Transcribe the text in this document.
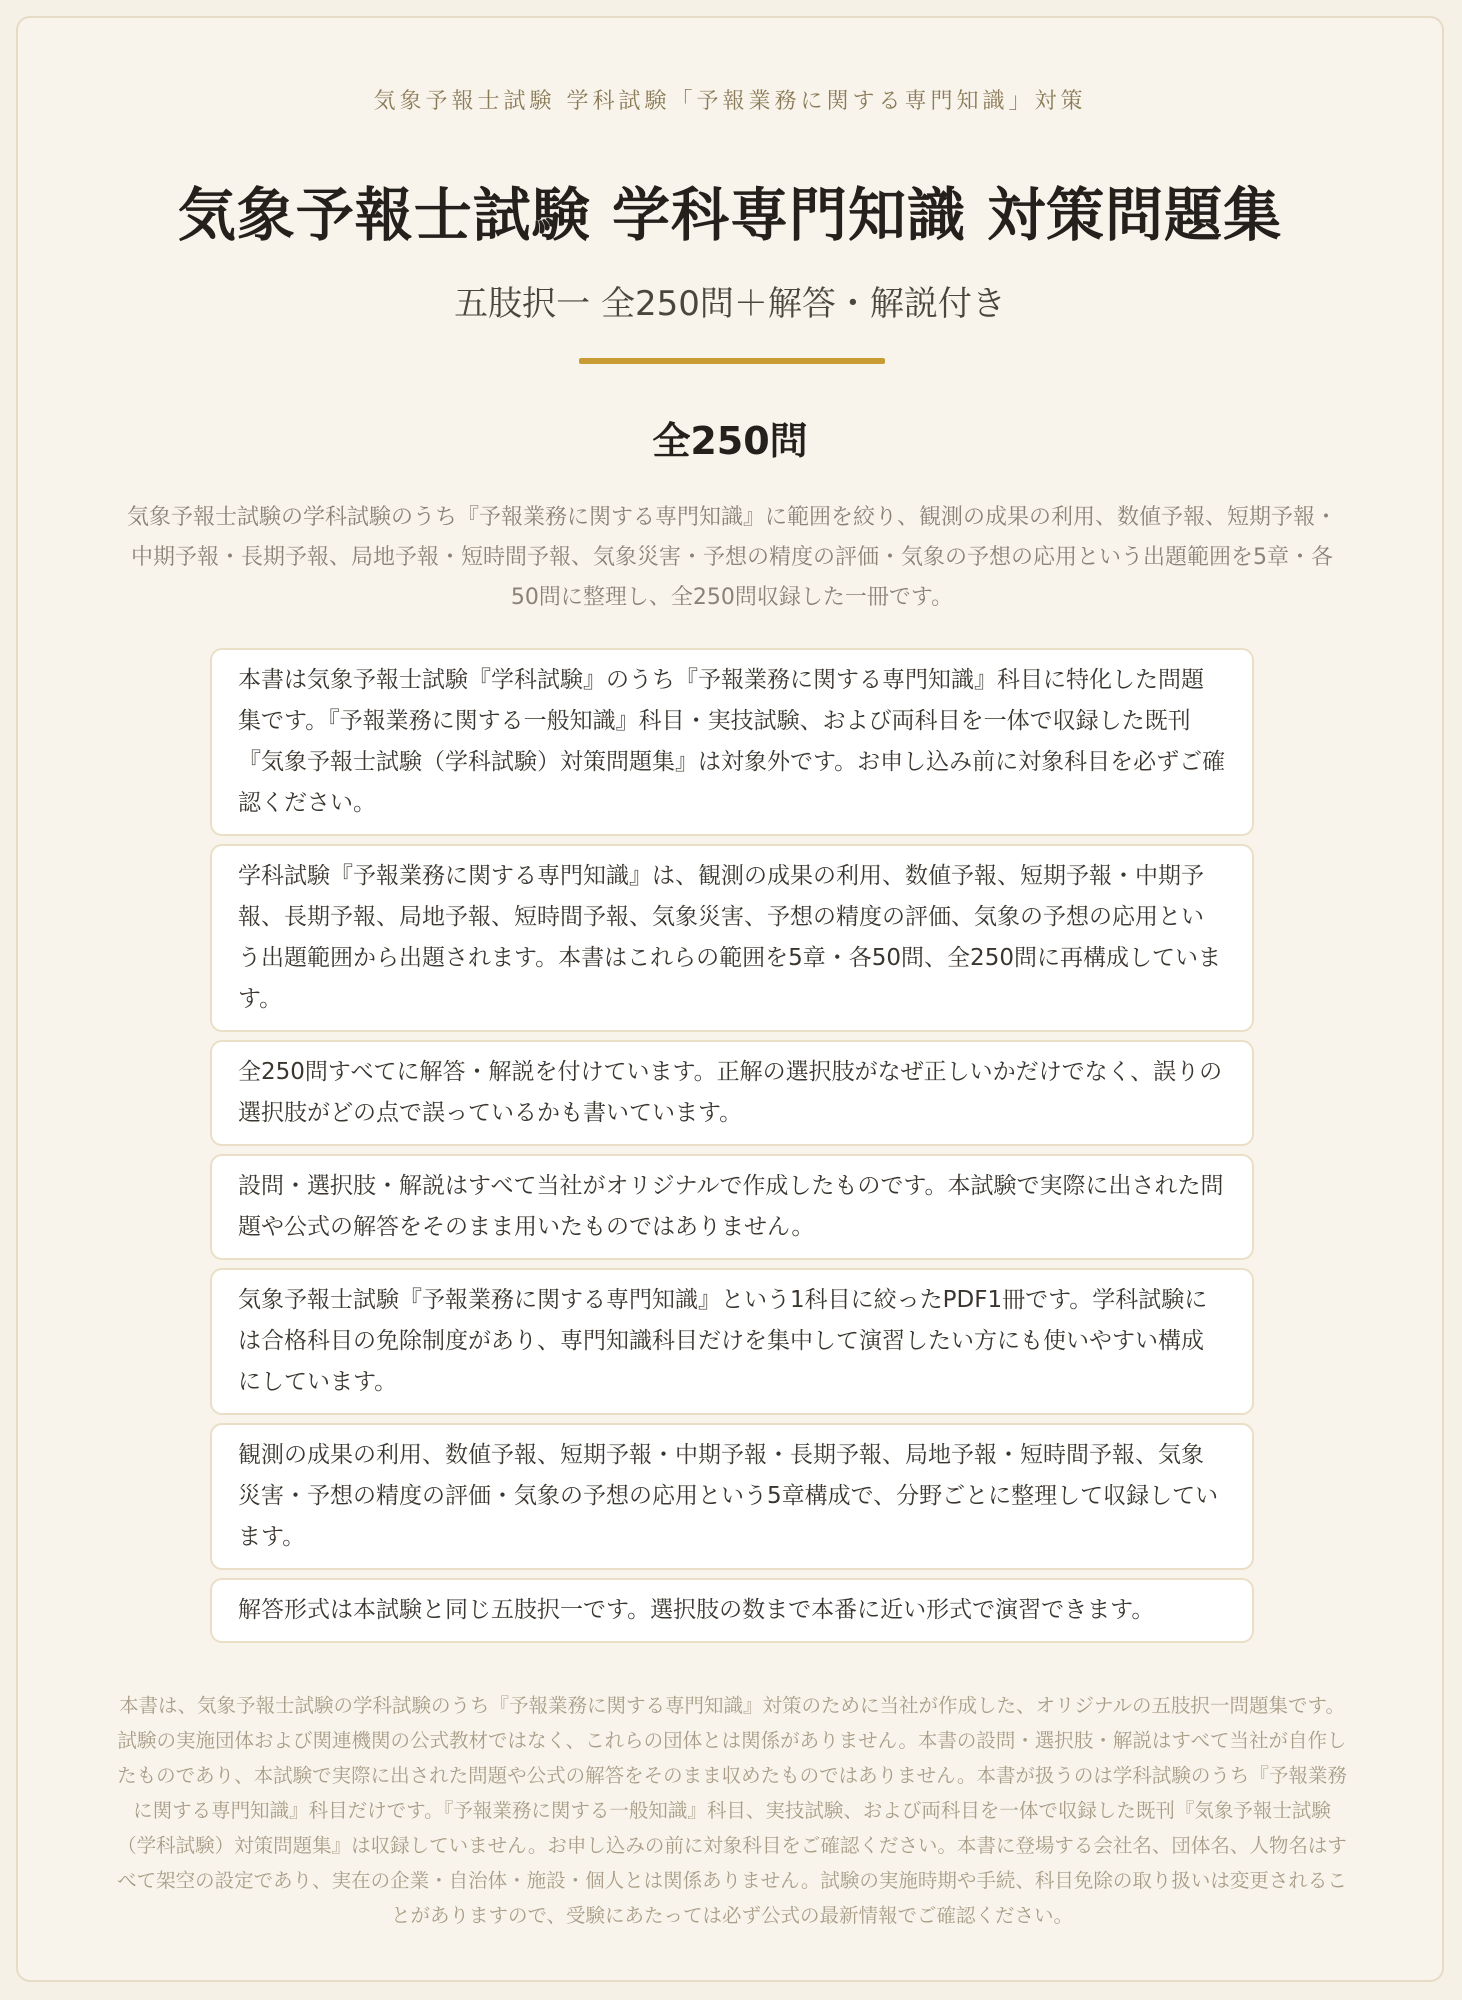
気象予報士試験 学科試験「予報業務に関する専門知識」対策
気象予報士試験 学科専門知識 対策問題集
五肢択一 全250問＋解答・解説付き
全250問
気象予報士試験の学科試験のうち『予報業務に関する専門知識』に範囲を絞り、観測の成果の利用、数値予報、短期予報・中期予報・長期予報、局地予報・短時間予報、気象災害・予想の精度の評価・気象の予想の応用という出題範囲を5章・各50問に整理し、全250問収録した一冊です。
本書は気象予報士試験『学科試験』のうち『予報業務に関する専門知識』科目に特化した問題集です。『予報業務に関する一般知識』科目・実技試験、および両科目を一体で収録した既刊『気象予報士試験（学科試験）対策問題集』は対象外です。お申し込み前に対象科目を必ずご確認ください。
学科試験『予報業務に関する専門知識』は、観測の成果の利用、数値予報、短期予報・中期予報、長期予報、局地予報、短時間予報、気象災害、予想の精度の評価、気象の予想の応用という出題範囲から出題されます。本書はこれらの範囲を5章・各50問、全250問に再構成しています。
全250問すべてに解答・解説を付けています。正解の選択肢がなぜ正しいかだけでなく、誤りの選択肢がどの点で誤っているかも書いています。
設問・選択肢・解説はすべて当社がオリジナルで作成したものです。本試験で実際に出された問題や公式の解答をそのまま用いたものではありません。
気象予報士試験『予報業務に関する専門知識』という1科目に絞ったPDF1冊です。学科試験には合格科目の免除制度があり、専門知識科目だけを集中して演習したい方にも使いやすい構成にしています。
観測の成果の利用、数値予報、短期予報・中期予報・長期予報、局地予報・短時間予報、気象災害・予想の精度の評価・気象の予想の応用という5章構成で、分野ごとに整理して収録しています。
解答形式は本試験と同じ五肢択一です。選択肢の数まで本番に近い形式で演習できます。
本書は、気象予報士試験の学科試験のうち『予報業務に関する専門知識』対策のために当社が作成した、オリジナルの五肢択一問題集です。試験の実施団体および関連機関の公式教材ではなく、これらの団体とは関係がありません。本書の設問・選択肢・解説はすべて当社が自作したものであり、本試験で実際に出された問題や公式の解答をそのまま収めたものではありません。本書が扱うのは学科試験のうち『予報業務に関する専門知識』科目だけです。『予報業務に関する一般知識』科目、実技試験、および両科目を一体で収録した既刊『気象予報士試験（学科試験）対策問題集』は収録していません。お申し込みの前に対象科目をご確認ください。本書に登場する会社名、団体名、人物名はすべて架空の設定であり、実在の企業・自治体・施設・個人とは関係ありません。試験の実施時期や手続、科目免除の取り扱いは変更されることがありますので、受験にあたっては必ず公式の最新情報でご確認ください。
